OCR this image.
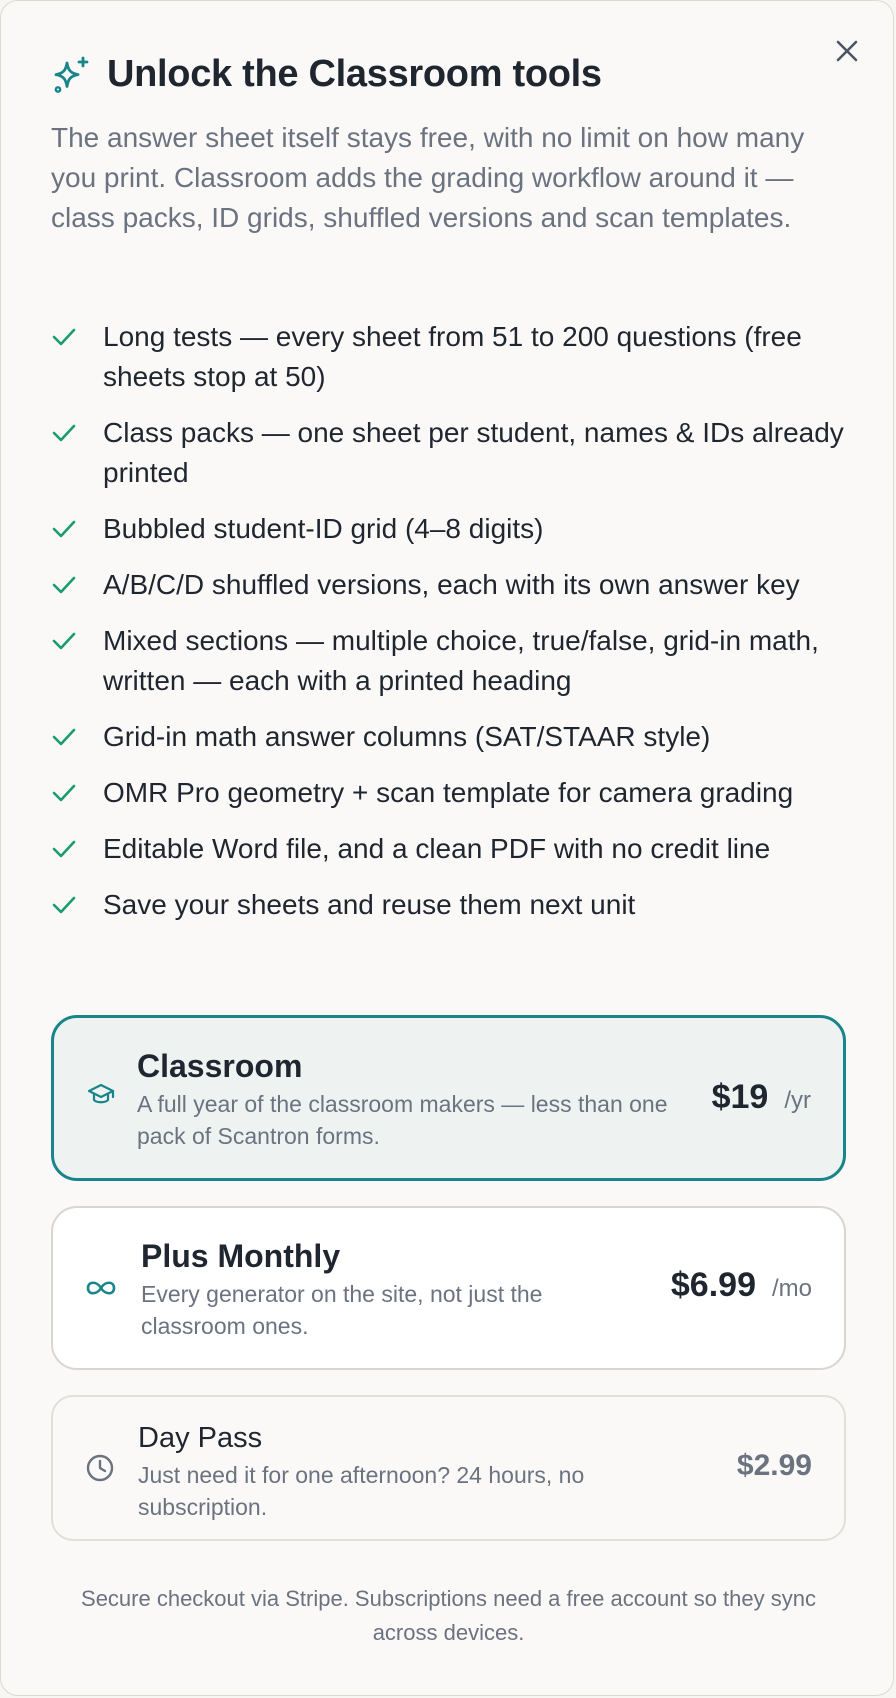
Unlock the Classroom tools
The answer sheet itself stays free, with no limit on how many you print. Classroom adds the grading workflow around it — class packs, ID grids, shuffled versions and scan templates.
Long tests — every sheet from 51 to 200 questions (free sheets stop at 50)
Class packs — one sheet per student, names & IDs already printed
Bubbled student-ID grid (4–8 digits)
A/B/C/D shuffled versions, each with its own answer key
Mixed sections — multiple choice, true/false, grid-in math, written — each with a printed heading
Grid-in math answer columns (SAT/STAAR style)
OMR Pro geometry + scan template for camera grading
Editable Word file, and a clean PDF with no credit line
Save your sheets and reuse them next unit
Classroom
A full year of the classroom makers — less than one pack of Scantron forms.
$19 /yr
Plus Monthly
Every generator on the site, not just the classroom ones.
$6.99 /mo
Day Pass
Just need it for one afternoon? 24 hours, no subscription.
$2.99
Secure checkout via Stripe. Subscriptions need a free account so they sync across devices.
